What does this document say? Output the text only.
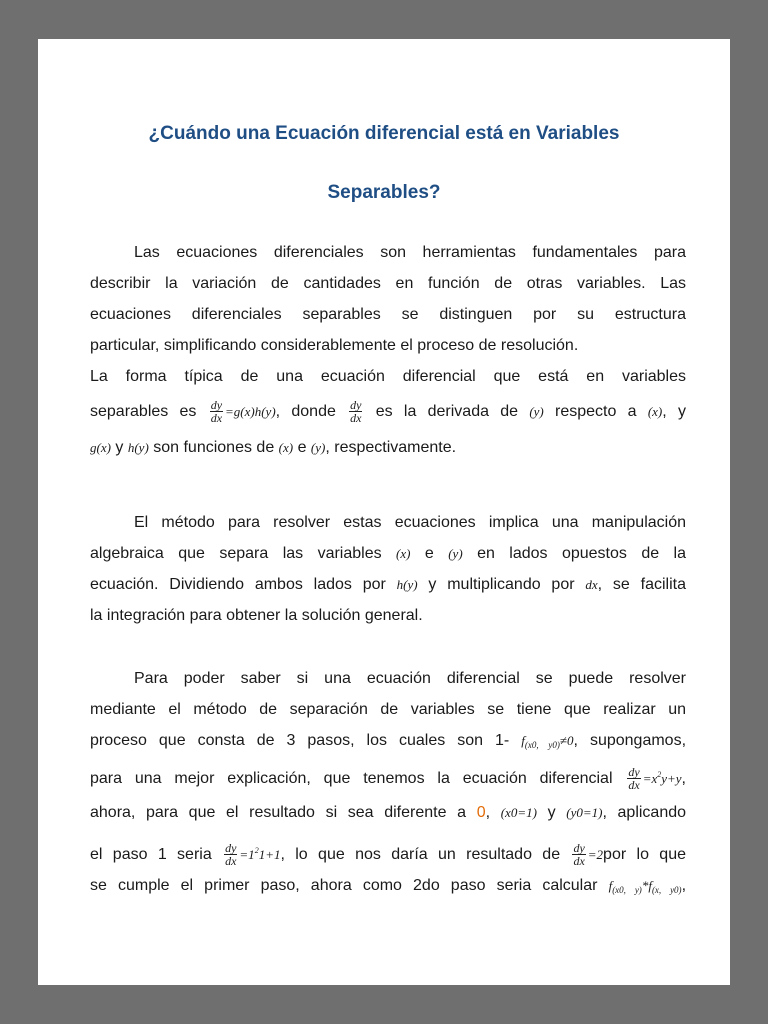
¿Cuándo una Ecuación diferencial está en Variables
Separables?
Las ecuaciones diferenciales son herramientas fundamentales para
describir la variación de cantidades en función de otras variables. Las
ecuaciones diferenciales separables se distinguen por su estructura
particular, simplificando considerablemente el proceso de resolución.
La forma típica de una ecuación diferencial que está en variables
separables es $\frac{dy}{dx} =g(x)h(y)$, donde $\frac{dy}{dx}$ es la derivada de (y) respecto a (x), y
g(x) y h(y) son funciones de (x) e (y), respectivamente.
El método para resolver estas ecuaciones implica una manipulación
algebraica que separa las variables (x) e (y) en lados opuestos de la
ecuación. Dividiendo ambos lados por h(y) y multiplicando por dx, se facilita
la integración para obtener la solución general.
Para poder saber si una ecuación diferencial se puede resolver
mediante el método de separación de variables se tiene que realizar un
proceso que consta de 3 pasos, los cuales son 1- $f_{(x0, y0)}\ne 0$, supongamos,
para una mejor explicación, que tenemos la ecuación diferencial $\frac{dy}{dx} =x^2y+y$,
ahora, para que el resultado si sea diferente a 0, (x0=1) y (y0=1), aplicando
el paso 1 seria $\frac{dy}{dx} =1^21+1$, lo que nos daría un resultado de $\frac{dy}{dx} =2por$ lo que
se cumple el primer paso, ahora como 2do paso seria calcular $f_{(x0, y)}*f_{(x, y0)}$,
